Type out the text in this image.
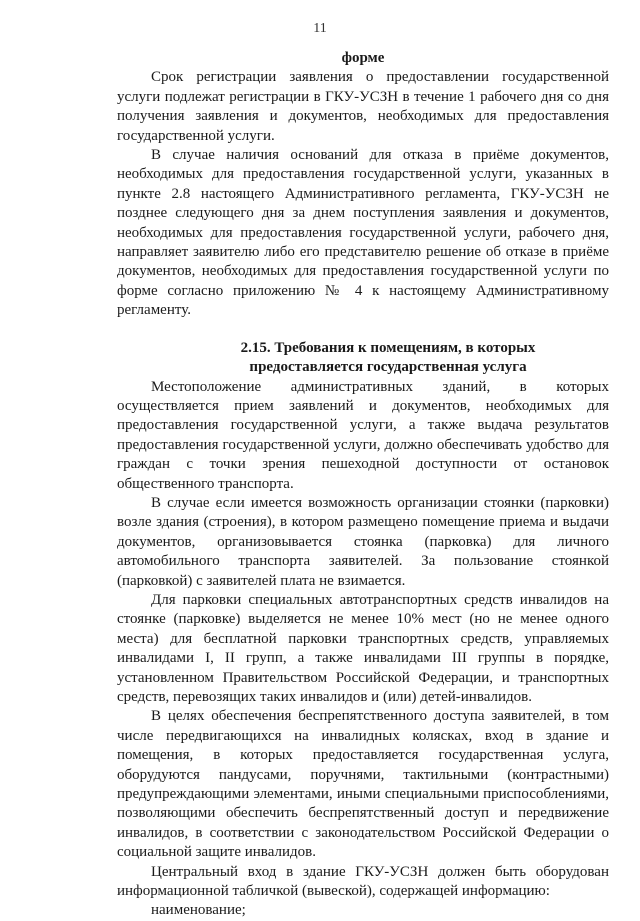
11
форме

Срок регистрации заявления о предоставлении государственной услуги подлежат регистрации в ГКУ-УСЗН в течение 1 рабочего дня со дня получения заявления и документов, необходимых для предоставления государственной услуги.

В случае наличия оснований для отказа в приёме документов, необходимых для предоставления государственной услуги, указанных в пункте 2.8 настоящего Административного регламента, ГКУ-УСЗН не позднее следующего дня за днем поступления заявления и документов, необходимых для предоставления государственной услуги, рабочего дня, направляет заявителю либо его представителю решение об отказе в приёме документов, необходимых для предоставления государственной услуги по форме согласно приложению № 4 к настоящему Административному регламенту.

2.15. Требования к помещениям, в которых
предоставляется государственная услуга

Местоположение административных зданий, в которых осуществляется прием заявлений и документов, необходимых для предоставления государственной услуги, а также выдача результатов предоставления государственной услуги, должно обеспечивать удобство для граждан с точки зрения пешеходной доступности от остановок общественного транспорта.

В случае если имеется возможность организации стоянки (парковки) возле здания (строения), в котором размещено помещение приема и выдачи документов, организовывается стоянка (парковка) для личного автомобильного транспорта заявителей. За пользование стоянкой (парковкой) с заявителей плата не взимается.

Для парковки специальных автотранспортных средств инвалидов на стоянке (парковке) выделяется не менее 10% мест (но не менее одного места) для бесплатной парковки транспортных средств, управляемых инвалидами I, II групп, а также инвалидами III группы в порядке, установленном Правительством Российской Федерации, и транспортных средств, перевозящих таких инвалидов и (или) детей-инвалидов.

В целях обеспечения беспрепятственного доступа заявителей, в том числе передвигающихся на инвалидных колясках, вход в здание и помещения, в которых предоставляется государственная услуга, оборудуются пандусами, поручнями, тактильными (контрастными) предупреждающими элементами, иными специальными приспособлениями, позволяющими обеспечить беспрепятственный доступ и передвижение инвалидов, в соответствии с законодательством Российской Федерации о социальной защите инвалидов.

Центральный вход в здание ГКУ-УСЗН должен быть оборудован информационной табличкой (вывеской), содержащей информацию:

наименование;
